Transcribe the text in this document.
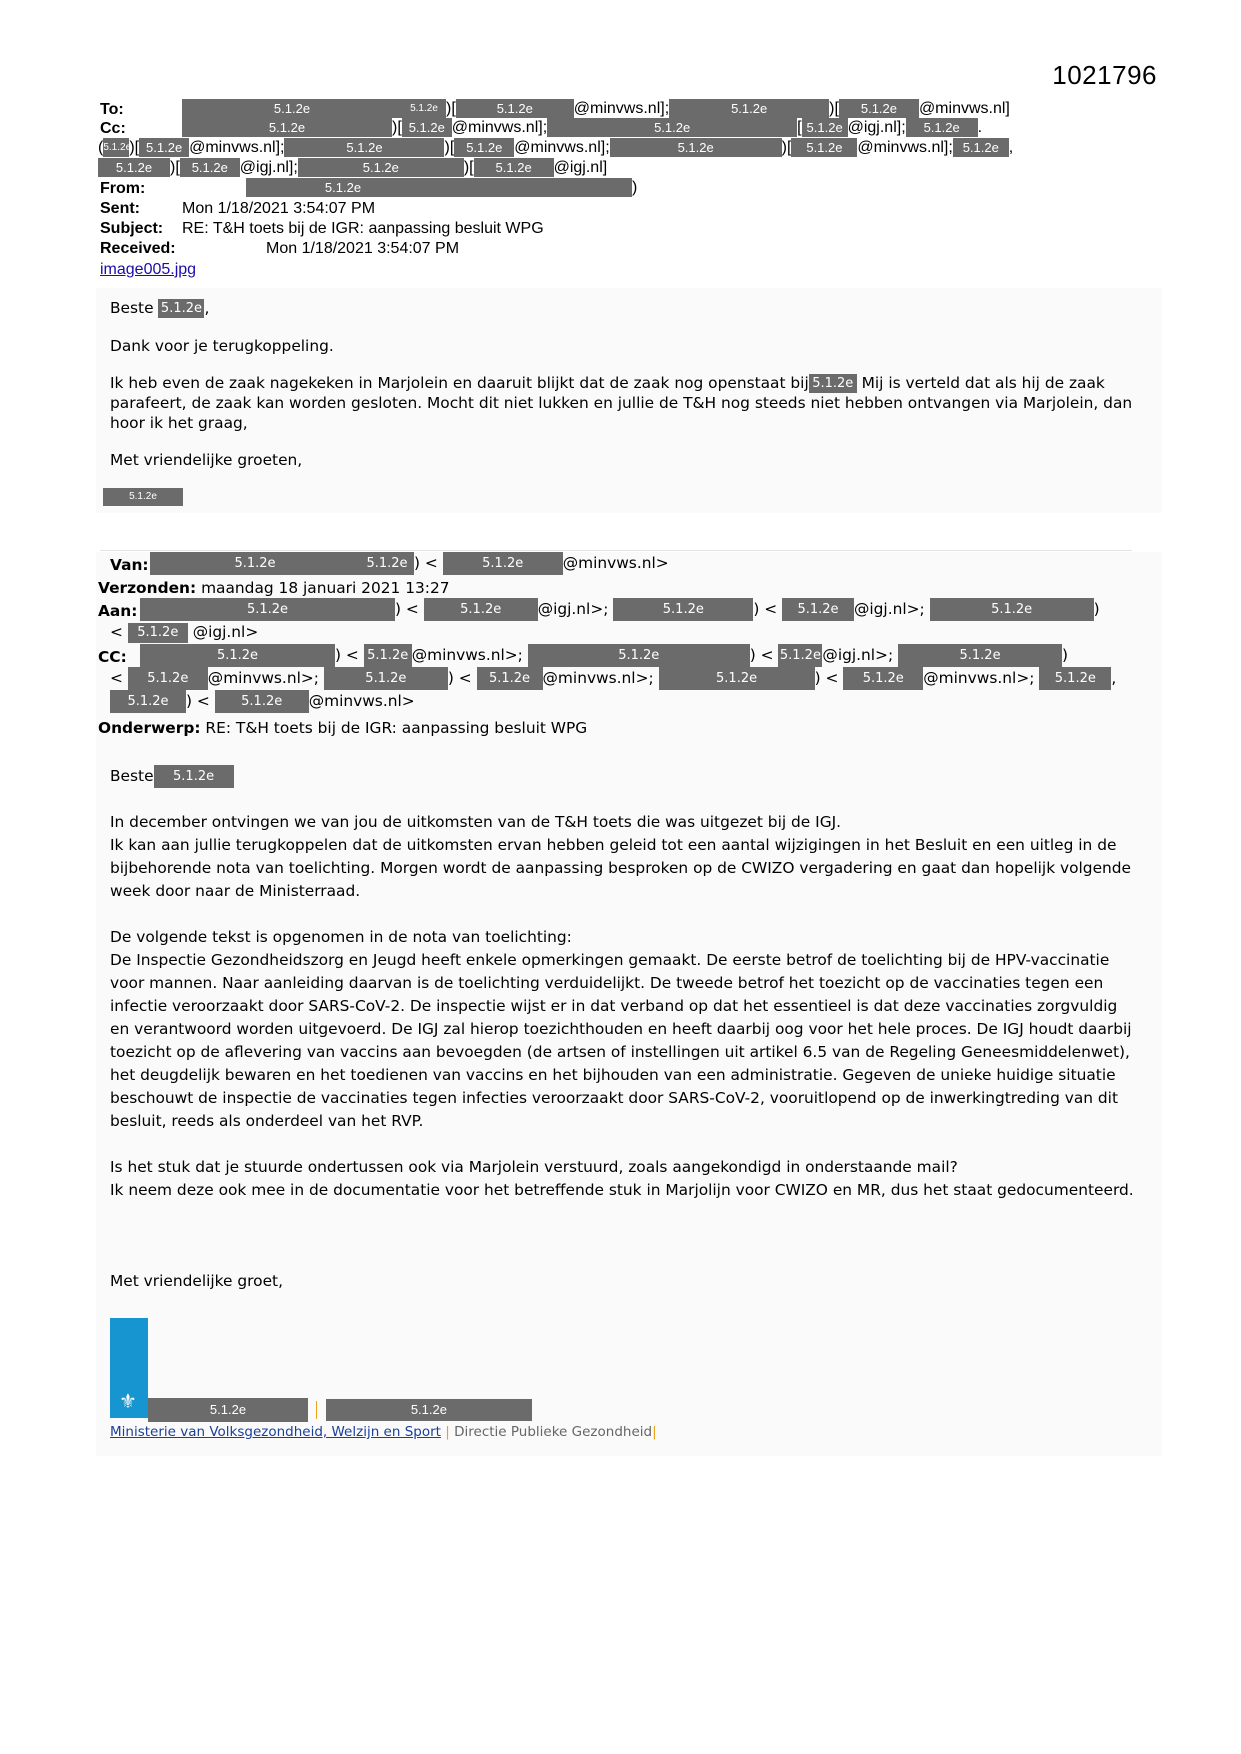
1021796
To:	5.1.2e	5.1.2e )[	5.1.2e	@minvws.nl];	5.1.2e	)[ 5.1.2e @minvws.nl]
Cc:	5.1.2e	)[ 5.1.2e @minvws.nl];	5.1.2e	[ 5.1.2e @igj.nl]; 5.1.2e .
(5.1.2e)[ 5.1.2e @minvws.nl];	5.1.2e	)[ 5.1.2e @minvws.nl];	5.1.2e	)[ 5.1.2e @minvws.nl]; 5.1.2e ,
5.1.2e )[ 5.1.2e @igj.nl];	5.1.2e	)[ 5.1.2e @igj.nl]
From:	5.1.2e	)
Sent:	Mon 1/18/2021 3:54:07 PM
Subject: RE: T&H toets bij de IGR: aanpassing besluit WPG
Received:	Mon 1/18/2021 3:54:07 PM
image005.jpg
Beste 5.1.2e ,
Dank voor je terugkoppeling.
Ik heb even de zaak nagekeken in Marjolein en daaruit blijkt dat de zaak nog openstaat bij 5.1.2e Mij is verteld dat als hij de zaak parafeert, de zaak kan worden gesloten. Mocht dit niet lukken en jullie de T&H nog steeds niet hebben ontvangen via Marjolein, dan hoor ik het graag,
Met vriendelijke groeten,
5.1.2e
Van:	5.1.2e	5.1.2e ) <	5.1.2e	@minvws.nl>
Verzonden: maandag 18 januari 2021 13:27
Aan:	5.1.2e	) <	5.1.2e @igj.nl>;	5.1.2e	) < 5.1.2e @igj.nl>;	5.1.2e	)
< 5.1.2e @igj.nl>
CC:	5.1.2e	) < 5.1.2e @minvws.nl>;	5.1.2e	) < 5.1.2e@igj.nl>;	5.1.2e	)
< 5.1.2e @minvws.nl>;	5.1.2e	) < 5.1.2e @minvws.nl>;	5.1.2e	) < 5.1.2e @minvws.nl>; 5.1.2e ,
5.1.2e ) < 5.1.2e @minvws.nl>
Onderwerp: RE: T&H toets bij de IGR: aanpassing besluit WPG
Beste 5.1.2e
In december ontvingen we van jou de uitkomsten van de T&H toets die was uitgezet bij de IGJ.
Ik kan aan jullie terugkoppelen dat de uitkomsten ervan hebben geleid tot een aantal wijzigingen in het Besluit en een uitleg in de bijbehorende nota van toelichting. Morgen wordt de aanpassing besproken op de CWIZO vergadering en gaat dan hopelijk volgende week door naar de Ministerraad.
De volgende tekst is opgenomen in de nota van toelichting:
De Inspectie Gezondheidszorg en Jeugd heeft enkele opmerkingen gemaakt. De eerste betrof de toelichting bij de HPV-vaccinatie voor mannen. Naar aanleiding daarvan is de toelichting verduidelijkt. De tweede betrof het toezicht op de vaccinaties tegen een infectie veroorzaakt door SARS-CoV-2. De inspectie wijst er in dat verband op dat het essentieel is dat deze vaccinaties zorgvuldig en verantwoord worden uitgevoerd. De IGJ zal hierop toezichthouden en heeft daarbij oog voor het hele proces. De IGJ houdt daarbij toezicht op de aflevering van vaccins aan bevoegden (de artsen of instellingen uit artikel 6.5 van de Regeling Geneesmiddelenwet), het deugdelijk bewaren en het toedienen van vaccins en het bijhouden van een administratie. Gegeven de unieke huidige situatie beschouwt de inspectie de vaccinaties tegen infecties veroorzaakt door SARS-CoV-2, vooruitlopend op de inwerkingtreding van dit besluit, reeds als onderdeel van het RVP.
Is het stuk dat je stuurde ondertussen ook via Marjolein verstuurd, zoals aangekondigd in onderstaande mail?
Ik neem deze ook mee in de documentatie voor het betreffende stuk in Marjolijn voor CWIZO en MR, dus het staat gedocumenteerd.
Met vriendelijke groet,
⚜	5.1.2e	5.1.2e
Ministerie van Volksgezondheid, Welzijn en Sport | Directie Publieke Gezondheid|
